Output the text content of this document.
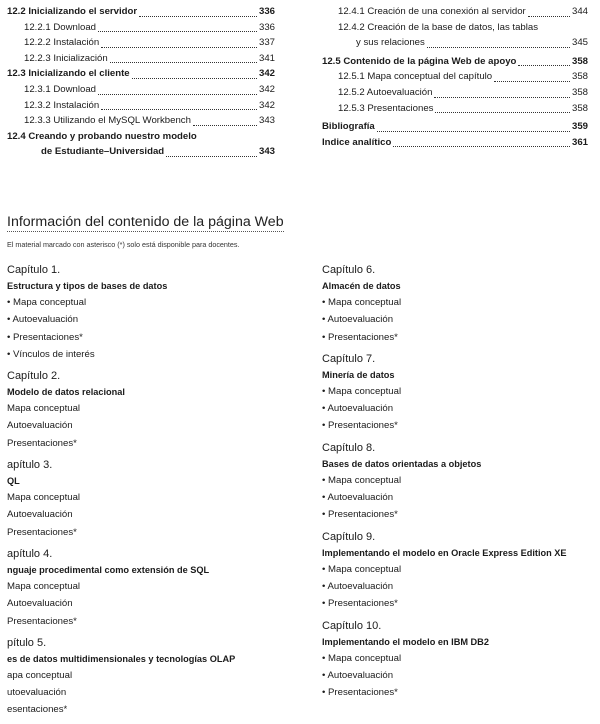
12.2 Inicializando el servidor	336
12.2.1 Download	336
12.2.2 Instalación	337
12.2.3 Inicialización	341
12.3 Inicializando el cliente	342
12.3.1 Download	342
12.3.2 Instalación	342
12.3.3 Utilizando el MySQL Workbench	343
12.4 Creando y probando nuestro modelo
de Estudiante–Universidad	343
12.4.1 Creación de una conexión al servidor	344
12.4.2 Creación de la base de datos, las tablas
y sus relaciones	345
12.5 Contenido de la página Web de apoyo	358
12.5.1 Mapa conceptual del capítulo	358
12.5.2 Autoevaluación	358
12.5.3 Presentaciones	358
Bibliografía	359
Indice analítico	361
Información del contenido de la página Web
El material marcado con asterisco (*) solo está disponible para docentes.
Capítulo 1.
Estructura y tipos de bases de datos
• Mapa conceptual
• Autoevaluación
• Presentaciones*
• Vínculos de interés
Capítulo 2.
Modelo de datos relacional
Mapa conceptual
Autoevaluación
Presentaciones*
apítulo 3.
QL
Mapa conceptual
Autoevaluación
Presentaciones*
apítulo 4.
nguaje procedimental como extensión de SQL
Mapa conceptual
Autoevaluación
Presentaciones*
pítulo 5.
es de datos multidimensionales y tecnologías OLAP
apa conceptual
utoevaluación
esentaciones*
Capítulo 6.
Almacén de datos
• Mapa conceptual
• Autoevaluación
• Presentaciones*
Capítulo 7.
Minería de datos
• Mapa conceptual
• Autoevaluación
• Presentaciones*
Capítulo 8.
Bases de datos orientadas a objetos
• Mapa conceptual
• Autoevaluación
• Presentaciones*
Capítulo 9.
Implementando el modelo en Oracle Express Edition XE
• Mapa conceptual
• Autoevaluación
• Presentaciones*
Capítulo 10.
Implementando el modelo en IBM DB2
• Mapa conceptual
• Autoevaluación
• Presentaciones*
